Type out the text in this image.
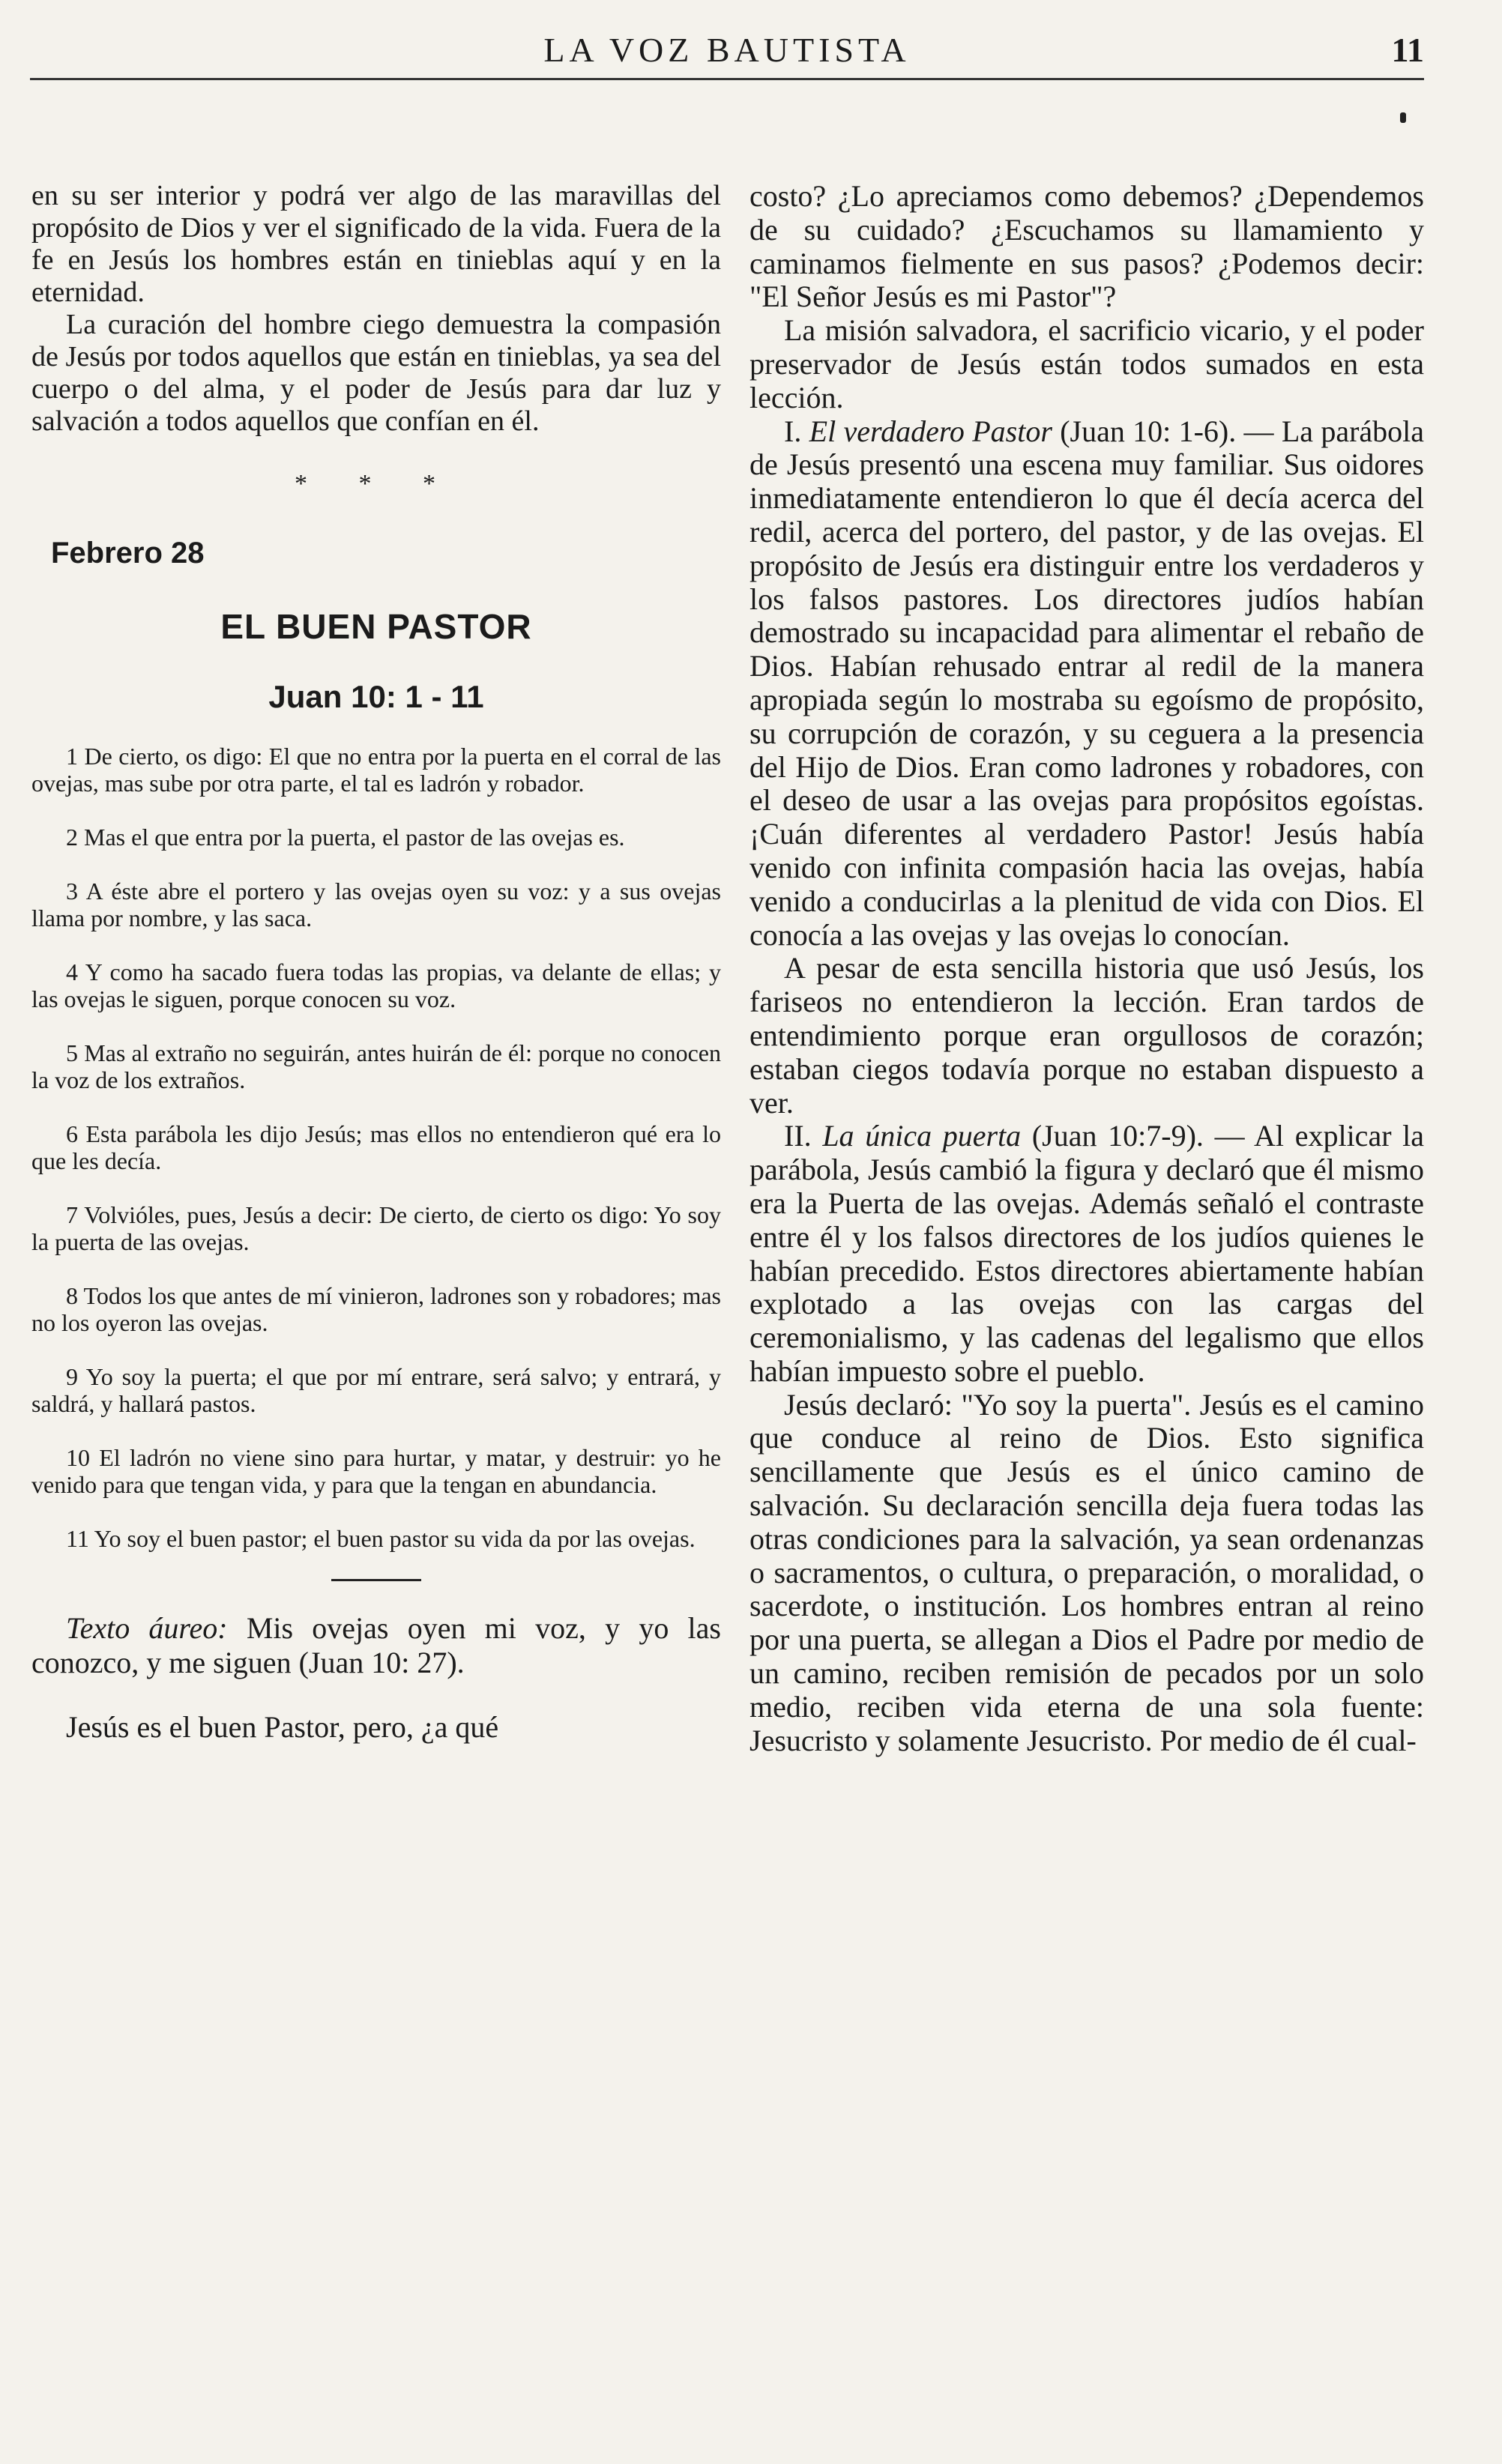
LA VOZ BAUTISTA	11

en su ser interior y podrá ver algo de las maravillas del propósito de Dios y ver el significado de la vida. Fuera de la fe en Jesús los hombres están en tinieblas aquí y en la eternidad.

La curación del hombre ciego demuestra la compasión de Jesús por todos aquellos que están en tinieblas, ya sea del cuerpo o del alma, y el poder de Jesús para dar luz y salvación a todos aquellos que confían en él.

* * *
Febrero 28
EL BUEN PASTOR
Juan 10: 1 - 11

1 De cierto, os digo: El que no entra por la puerta en el corral de las ovejas, mas sube por otra parte, el tal es ladrón y robador.

2 Mas el que entra por la puerta, el pastor de las ovejas es.

3 A éste abre el portero y las ovejas oyen su voz: y a sus ovejas llama por nombre, y las saca.

4 Y como ha sacado fuera todas las propias, va delante de ellas; y las ovejas le siguen, porque conocen su voz.

5 Mas al extraño no seguirán, antes huirán de él: porque no conocen la voz de los extraños.

6 Esta parábola les dijo Jesús; mas ellos no entendieron qué era lo que les decía.

7 Volvióles, pues, Jesús a decir: De cierto, de cierto os digo: Yo soy la puerta de las ovejas.

8 Todos los que antes de mí vinieron, ladrones son y robadores; mas no los oyeron las ovejas.

9 Yo soy la puerta; el que por mí entrare, será salvo; y entrará, y saldrá, y hallará pastos.

10 El ladrón no viene sino para hurtar, y matar, y destruir: yo he venido para que tengan vida, y para que la tengan en abundancia.

11 Yo soy el buen pastor; el buen pastor su vida da por las ovejas.

Texto áureo: Mis ovejas oyen mi voz, y yo las conozco, y me siguen (Juan 10: 27).

Jesús es el buen Pastor, pero, ¿a qué

costo? ¿Lo apreciamos como debemos? ¿Dependemos de su cuidado? ¿Escuchamos su llamamiento y caminamos fielmente en sus pasos? ¿Podemos decir: "El Señor Jesús es mi Pastor"?

La misión salvadora, el sacrificio vicario, y el poder preservador de Jesús están todos sumados en esta lección.

I. El verdadero Pastor (Juan 10: 1-6). — La parábola de Jesús presentó una escena muy familiar. Sus oidores inmediatamente entendieron lo que él decía acerca del redil, acerca del portero, del pastor, y de las ovejas. El propósito de Jesús era distinguir entre los verdaderos y los falsos pastores. Los directores judíos habían demostrado su incapacidad para alimentar el rebaño de Dios. Habían rehusado entrar al redil de la manera apropiada según lo mostraba su egoísmo de propósito, su corrupción de corazón, y su ceguera a la presencia del Hijo de Dios. Eran como ladrones y robadores, con el deseo de usar a las ovejas para propósitos egoístas. ¡Cuán diferentes al verdadero Pastor! Jesús había venido con infinita compasión hacia las ovejas, había venido a conducirlas a la plenitud de vida con Dios. El conocía a las ovejas y las ovejas lo conocían.

A pesar de esta sencilla historia que usó Jesús, los fariseos no entendieron la lección. Eran tardos de entendimiento porque eran orgullosos de corazón; estaban ciegos todavía porque no estaban dispuesto a ver.

II. La única puerta (Juan 10:7-9). — Al explicar la parábola, Jesús cambió la figura y declaró que él mismo era la Puerta de las ovejas. Además señaló el contraste entre él y los falsos directores de los judíos quienes le habían precedido. Estos directores abiertamente habían explotado a las ovejas con las cargas del ceremonialismo, y las cadenas del legalismo que ellos habían impuesto sobre el pueblo.

Jesús declaró: "Yo soy la puerta". Jesús es el camino que conduce al reino de Dios. Esto significa sencillamente que Jesús es el único camino de salvación. Su declaración sencilla deja fuera todas las otras condiciones para la salvación, ya sean ordenanzas o sacramentos, o cultura, o preparación, o moralidad, o sacerdote, o institución. Los hombres entran al reino por una puerta, se allegan a Dios el Padre por medio de un camino, reciben remisión de pecados por un solo medio, reciben vida eterna de una sola fuente: Jesucristo y solamente Jesucristo. Por medio de él cual-
